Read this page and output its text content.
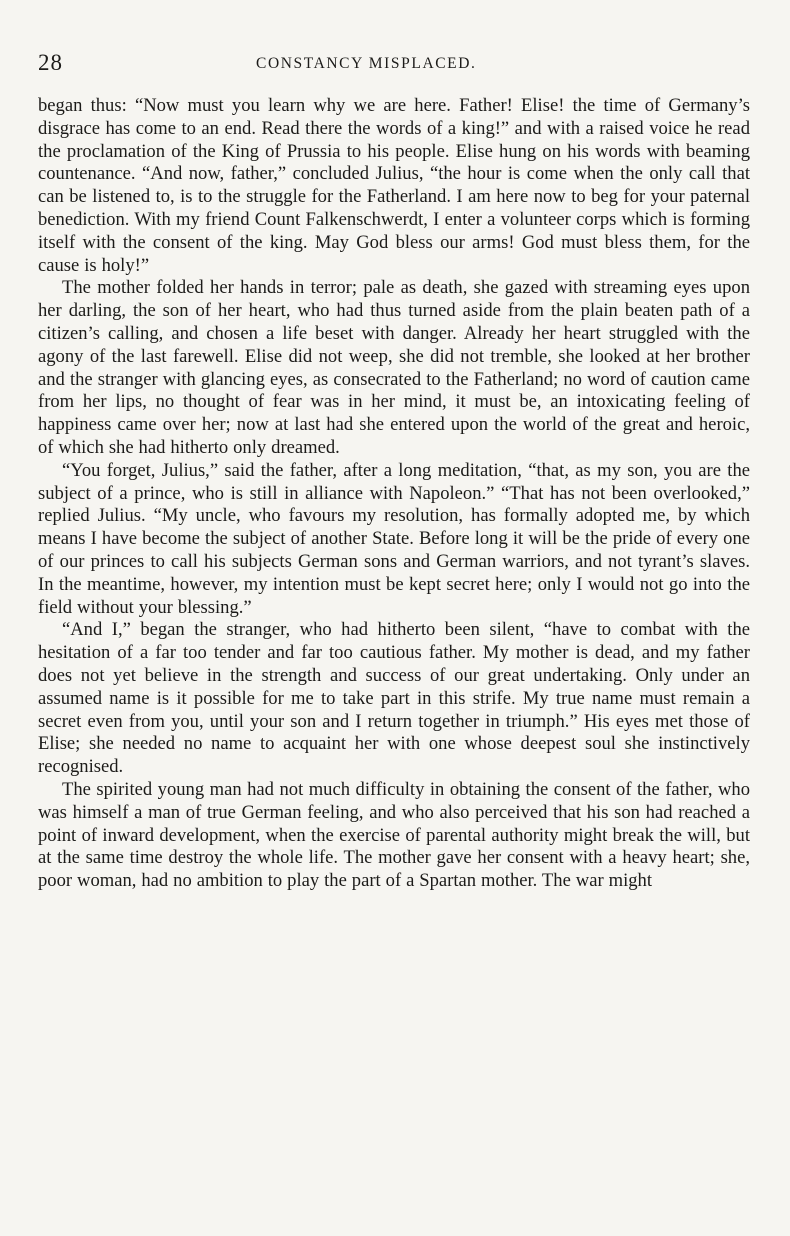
28	CONSTANCY MISPLACED.

began thus: “Now must you learn why we are here. Father! Elise! the time of Germany’s disgrace has come to an end. Read there the words of a king!” and with a raised voice he read the proclamation of the King of Prussia to his people. Elise hung on his words with beaming countenance. “And now, father,” concluded Julius, “the hour is come when the only call that can be listened to, is to the struggle for the Fatherland. I am here now to beg for your paternal benediction. With my friend Count Falkenschwerdt, I enter a volunteer corps which is forming itself with the consent of the king. May God bless our arms! God must bless them, for the cause is holy!”

The mother folded her hands in terror; pale as death, she gazed with streaming eyes upon her darling, the son of her heart, who had thus turned aside from the plain beaten path of a citizen’s calling, and chosen a life beset with danger. Already her heart struggled with the agony of the last farewell. Elise did not weep, she did not tremble, she looked at her brother and the stranger with glancing eyes, as consecrated to the Fatherland; no word of caution came from her lips, no thought of fear was in her mind, it must be, an intoxicating feeling of happiness came over her; now at last had she entered upon the world of the great and heroic, of which she had hitherto only dreamed.

“You forget, Julius,” said the father, after a long meditation, “that, as my son, you are the subject of a prince, who is still in alliance with Napoleon.” “That has not been overlooked,” replied Julius. “My uncle, who favours my resolution, has formally adopted me, by which means I have become the subject of another State. Before long it will be the pride of every one of our princes to call his subjects German sons and German warriors, and not tyrant’s slaves. In the meantime, however, my intention must be kept secret here; only I would not go into the field without your blessing.”

“And I,” began the stranger, who had hitherto been silent, “have to combat with the hesitation of a far too tender and far too cautious father. My mother is dead, and my father does not yet believe in the strength and success of our great undertaking. Only under an assumed name is it possible for me to take part in this strife. My true name must remain a secret even from you, until your son and I return together in triumph.” His eyes met those of Elise; she needed no name to acquaint her with one whose deepest soul she instinctively recognised.

The spirited young man had not much difficulty in obtaining the consent of the father, who was himself a man of true German feeling, and who also perceived that his son had reached a point of inward development, when the exercise of parental authority might break the will, but at the same time destroy the whole life. The mother gave her consent with a heavy heart; she, poor woman, had no ambition to play the part of a Spartan mother. The war might
